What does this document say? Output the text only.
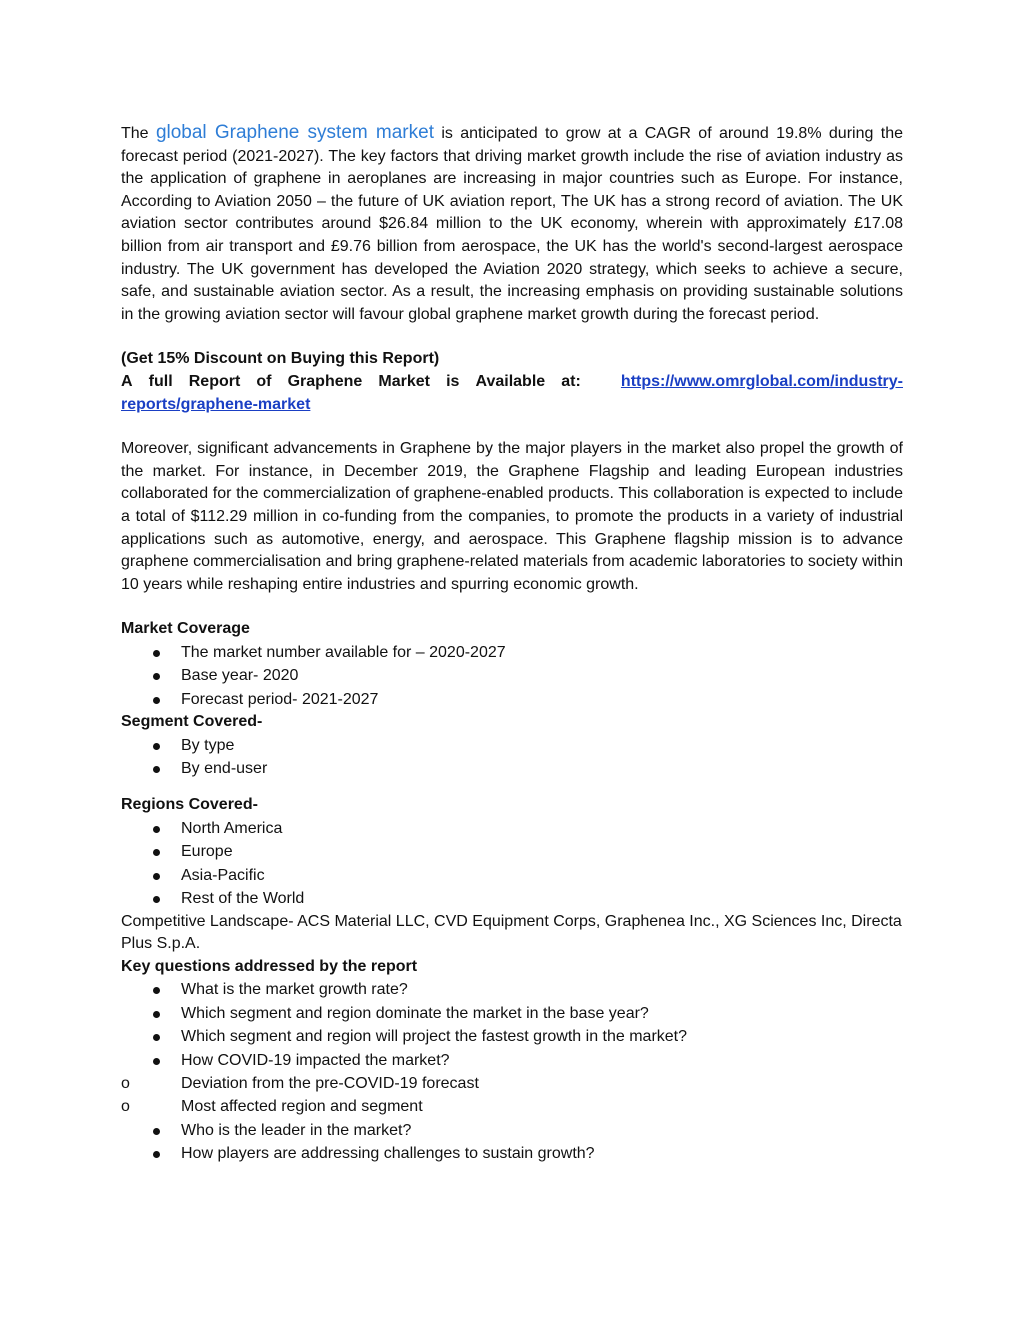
The global Graphene system market is anticipated to grow at a CAGR of around 19.8% during the forecast period (2021-2027). The key factors that driving market growth include the rise of aviation industry as the application of graphene in aeroplanes are increasing in major countries such as Europe. For instance, According to Aviation 2050 – the future of UK aviation report, The UK has a strong record of aviation. The UK aviation sector contributes around $26.84 million to the UK economy, wherein with approximately £17.08 billion from air transport and £9.76 billion from aerospace, the UK has the world's second-largest aerospace industry. The UK government has developed the Aviation 2020 strategy, which seeks to achieve a secure, safe, and sustainable aviation sector. As a result, the increasing emphasis on providing sustainable solutions in the growing aviation sector will favour global graphene market growth during the forecast period.

(Get 15% Discount on Buying this Report)

A full Report of Graphene Market is Available at:	https://www.omrglobal.com/industry-
reports/graphene-market

Moreover, significant advancements in Graphene by the major players in the market also propel the growth of the market. For instance, in December 2019, the Graphene Flagship and leading European industries collaborated for the commercialization of graphene-enabled products. This collaboration is expected to include a total of $112.29 million in co-funding from the companies, to promote the products in a variety of industrial applications such as automotive, energy, and aerospace. This Graphene flagship mission is to advance graphene commercialisation and bring graphene-related materials from academic laboratories to society within 10 years while reshaping entire industries and spurring economic growth.

Market Coverage

The market number available for – 2020-2027
Base year- 2020
Forecast period- 2021-2027

Segment Covered-

By type
By end-user

Regions Covered-

North America
Europe
Asia-Pacific
Rest of the World

Competitive Landscape- ACS Material LLC, CVD Equipment Corps, Graphenea Inc., XG Sciences Inc, Directa Plus S.p.A.

Key questions addressed by the report

What is the market growth rate?
Which segment and region dominate the market in the base year?
Which segment and region will project the fastest growth in the market?
How COVID-19 impacted the market?
o	Deviation from the pre-COVID-19 forecast
o	Most affected region and segment
Who is the leader in the market?
How players are addressing challenges to sustain growth?
